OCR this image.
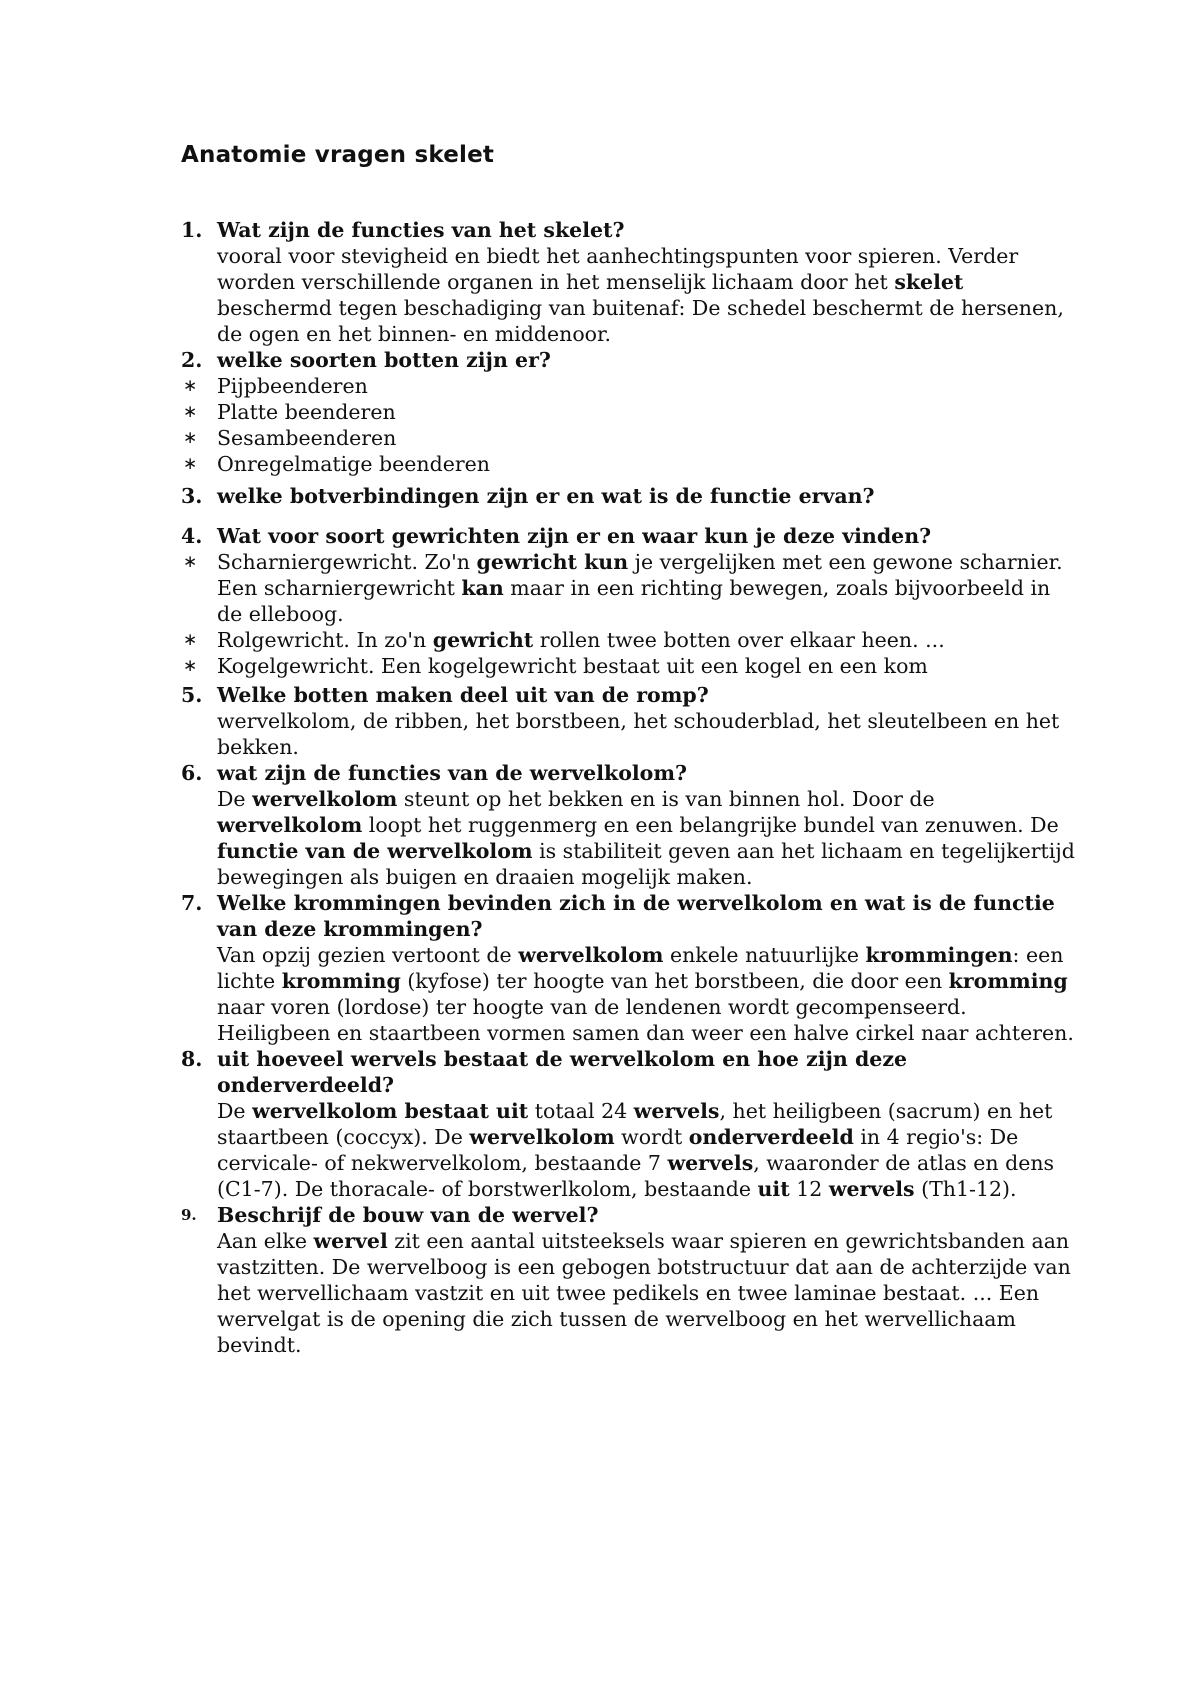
Anatomie vragen skelet
1. Wat zijn de functies van het skelet?
vooral voor stevigheid en biedt het aanhechtingspunten voor spieren. Verder worden verschillende organen in het menselijk lichaam door het skelet beschermd tegen beschadiging van buitenaf: De schedel beschermt de hersenen, de ogen en het binnen- en middenoor.
2. welke soorten botten zijn er?
∗ Pijpbeenderen
∗ Platte beenderen
∗ Sesambeenderen
∗ Onregelmatige beenderen
3. welke botverbindingen zijn er en wat is de functie ervan?
4. Wat voor soort gewrichten zijn er en waar kun je deze vinden?
∗ Scharniergewricht. Zo'n gewricht kun je vergelijken met een gewone scharnier. Een scharniergewricht kan maar in een richting bewegen, zoals bijvoorbeeld in de elleboog.
∗ Rolgewricht. In zo'n gewricht rollen twee botten over elkaar heen. ...
∗ Kogelgewricht. Een kogelgewricht bestaat uit een kogel en een kom
5. Welke botten maken deel uit van de romp?
wervelkolom, de ribben, het borstbeen, het schouderblad, het sleutelbeen en het bekken.
6. wat zijn de functies van de wervelkolom?
De wervelkolom steunt op het bekken en is van binnen hol. Door de wervelkolom loopt het ruggenmerg en een belangrijke bundel van zenuwen. De functie van de wervelkolom is stabiliteit geven aan het lichaam en tegelijkertijd bewegingen als buigen en draaien mogelijk maken.
7. Welke krommingen bevinden zich in de wervelkolom en wat is de functie van deze krommingen?
Van opzij gezien vertoont de wervelkolom enkele natuurlijke krommingen: een lichte kromming (kyfose) ter hoogte van het borstbeen, die door een kromming naar voren (lordose) ter hoogte van de lendenen wordt gecompenseerd. Heiligbeen en staartbeen vormen samen dan weer een halve cirkel naar achteren.
8. uit hoeveel wervels bestaat de wervelkolom en hoe zijn deze onderverdeeld?
De wervelkolom bestaat uit totaal 24 wervels, het heiligbeen (sacrum) en het staartbeen (coccyx). De wervelkolom wordt onderverdeeld in 4 regio's: De cervicale- of nekwervelkolom, bestaande 7 wervels, waaronder de atlas en dens (C1-7). De thoracale- of borstwerlkolom, bestaande uit 12 wervels (Th1-12).
9. Beschrijf de bouw van de wervel?
Aan elke wervel zit een aantal uitsteeksels waar spieren en gewrichtsbanden aan vastzitten. De wervelboog is een gebogen botstructuur dat aan de achterzijde van het wervellichaam vastzit en uit twee pedikels en twee laminae bestaat. ... Een wervelgat is de opening die zich tussen de wervelboog en het wervellichaam bevindt.
